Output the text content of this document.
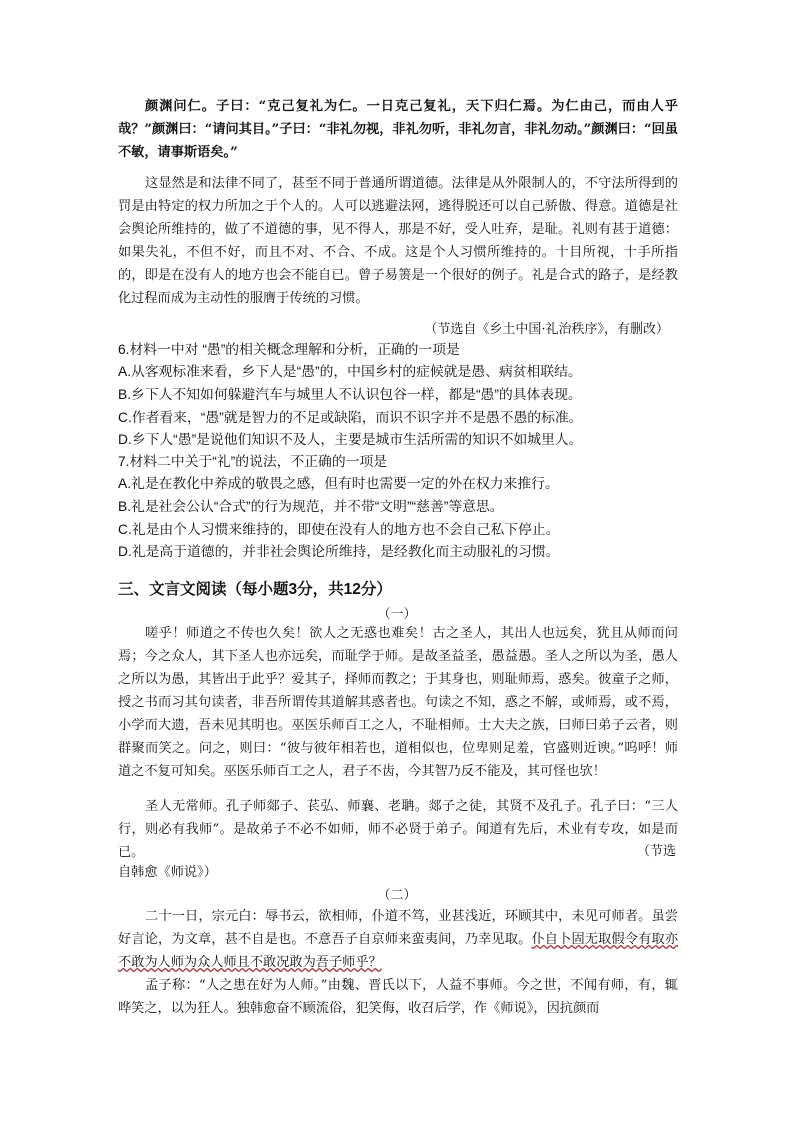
颜渊问仁。子曰：“克己复礼为仁。一日克己复礼，天下归仁焉。为仁由己，而由人乎哉？”颜渊曰：“请问其目。”子曰：“非礼勿视，非礼勿听，非礼勿言，非礼勿动。”颜渊曰：“回虽不敏，请事斯语矣。”
这显然是和法律不同了，甚至不同于普通所谓道德。法律是从外限制人的，不守法所得到的罚是由特定的权力所加之于个人的。人可以逃避法网，逃得脱还可以自己骄傲、得意。道德是社会舆论所维持的，做了不道德的事，见不得人，那是不好，受人吐弃，是耻。礼则有甚于道德：如果失礼，不但不好，而且不对、不合、不成。这是个人习惯所维持的。十目所视，十手所指的，即是在没有人的地方也会不能自已。曾子易箦是一个很好的例子。礼是合式的路子，是经教化过程而成为主动性的服膺于传统的习惯。
（节选自《乡土中国·礼治秩序》，有删改）
6.材料一中对 “愚”的相关概念理解和分析，正确的一项是
A.从客观标准来看，乡下人是“愚”的，中国乡村的症候就是愚、病贫相联结。
B.乡下人不知如何躲避汽车与城里人不认识包谷一样，都是“愚”的具体表现。
C.作者看来，“愚”就是智力的不足或缺陷，而识不识字并不是愚不愚的标准。
D.乡下人“愚”是说他们知识不及人，主要是城市生活所需的知识不如城里人。
7.材料二中关于“礼”的说法，不正确的一项是
A.礼是在教化中养成的敬畏之感，但有时也需要一定的外在权力来推行。
B.礼是社会公认“合式”的行为规范，并不带“文明”“慈善”等意思。
C.礼是由个人习惯来维持的，即使在没有人的地方也不会自己私下停止。
D.礼是高于道德的，并非社会舆论所维持，是经教化而主动服礼的习惯。
三、文言文阅读（每小题3分，共12分）
（一）
嗟乎！师道之不传也久矣！欲人之无惑也难矣！古之圣人，其出人也远矣，犹且从师而问焉；今之众人，其下圣人也亦远矣，而耻学于师。是故圣益圣，愚益愚。圣人之所以为圣，愚人之所以为愚，其皆出于此乎？爱其子，择师而教之；于其身也，则耻师焉，惑矣。彼童子之师，授之书而习其句读者，非吾所谓传其道解其惑者也。句读之不知，惑之不解，或师焉，或不焉，小学而大遗，吾未见其明也。巫医乐师百工之人，不耻相师。士大夫之族，曰师曰弟子云者，则群聚而笑之。问之，则曰：“彼与彼年相若也，道相似也，位卑则足羞，官盛则近谀。”呜呼！师道之不复可知矣。巫医乐师百工之人，君子不齿，今其智乃反不能及，其可怪也欤！
圣人无常师。孔子师郯子、苌弘、师襄、老聃。郯子之徒，其贤不及孔子。孔子曰：“三人行，则必有我师”。是故弟子不必不如师，师不必贤于弟子。闻道有先后，术业有专攻，如是而已。	（节选
自韩愈《师说》）
（二）
二十一日，宗元白：辱书云，欲相师，仆道不笃，业甚浅近，环顾其中，未见可师者。虽尝好言论，为文章，甚不自是也。不意吾子自京师来蛮夷间，乃幸见取。仆自卜固无取假令有取亦不敢为人师为众人师且不敢况敢为吾子师乎？
孟子称：“人之患在好为人师。”由魏、晋氏以下，人益不事师。今之世，不闻有师，有，辄哗笑之，以为狂人。独韩愈奋不顾流俗，犯笑侮，收召后学，作《师说》，因抗颜而
